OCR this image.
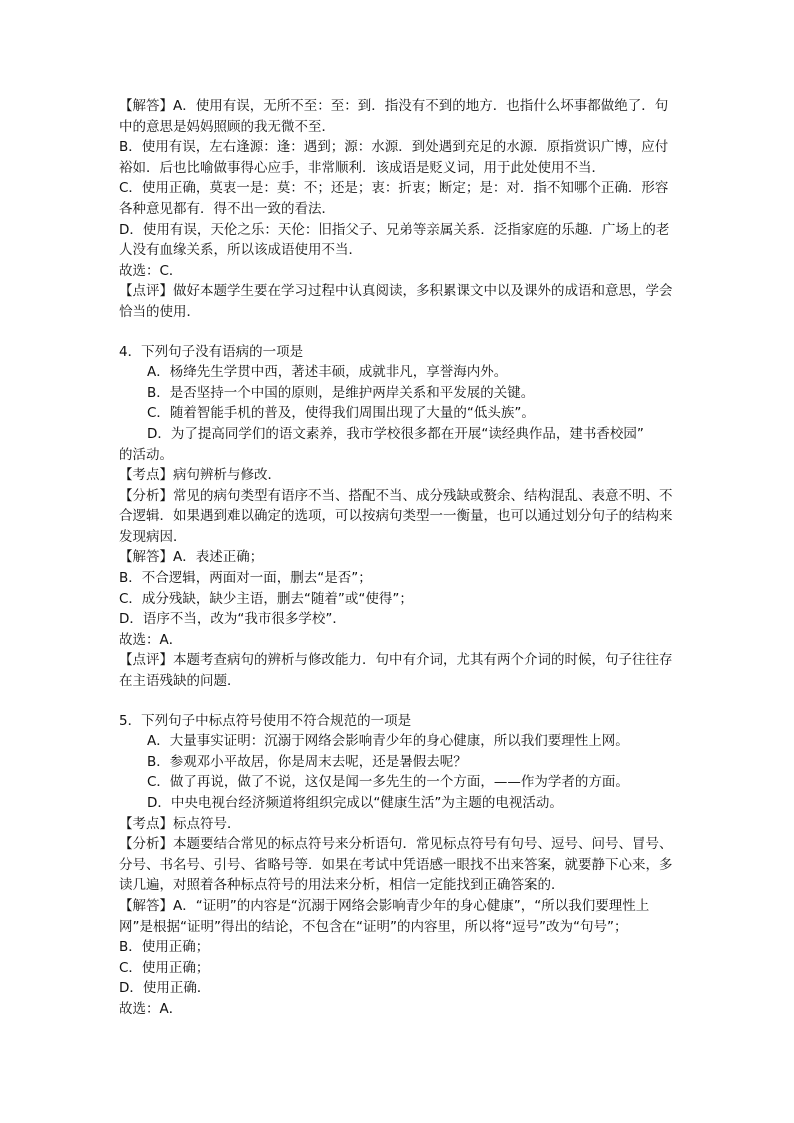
【解答】A．使用有误，无所不至：至：到．指没有不到的地方．也指什么坏事都做绝了．句中的意思是妈妈照顾的我无微不至．
B．使用有误，左右逢源：逢：遇到；源：水源．到处遇到充足的水源．原指赏识广博，应付裕如．后也比喻做事得心应手，非常顺利．该成语是贬义词，用于此处使用不当．
C．使用正确，莫衷一是：莫：不；还是；衷：折衷；断定；是：对．指不知哪个正确．形容各种意见都有．得不出一致的看法．
D．使用有误，天伦之乐：天伦：旧指父子、兄弟等亲属关系．泛指家庭的乐趣．广场上的老人没有血缘关系，所以该成语使用不当．
故选：C．
【点评】做好本题学生要在学习过程中认真阅读，多积累课文中以及课外的成语和意思，学会恰当的使用．
4．下列句子没有语病的一项是
A．杨绛先生学贯中西，著述丰硕，成就非凡，享誉海内外。
B．是否坚持一个中国的原则，是维护两岸关系和平发展的关键。
C．随着智能手机的普及，使得我们周围出现了大量的“低头族”。
D．为了提高同学们的语文素养，我市学校很多都在开展“读经典作品，建书香校园”
的活动。
【考点】病句辨析与修改．
【分析】常见的病句类型有语序不当、搭配不当、成分残缺或赘余、结构混乱、表意不明、不合逻辑．如果遇到难以确定的选项，可以按病句类型一一衡量，也可以通过划分句子的结构来发现病因．
【解答】A．表述正确；
B．不合逻辑，两面对一面，删去“是否”；
C．成分残缺，缺少主语，删去“随着”或“使得”；
D．语序不当，改为“我市很多学校”．
故选：A．
【点评】本题考查病句的辨析与修改能力．句中有介词，尤其有两个介词的时候，句子往往存在主语残缺的问题．
5．下列句子中标点符号使用不符合规范的一项是
A．大量事实证明：沉溺于网络会影响青少年的身心健康，所以我们要理性上网。
B．参观邓小平故居，你是周末去呢，还是暑假去呢？
C．做了再说，做了不说，这仅是闻一多先生的一个方面，——作为学者的方面。
D．中央电视台经济频道将组织完成以“健康生活”为主题的电视活动。
【考点】标点符号．
【分析】本题要结合常见的标点符号来分析语句．常见标点符号有句号、逗号、问号、冒号、分号、书名号、引号、省略号等．如果在考试中凭语感一眼找不出来答案，就要静下心来，多读几遍，对照着各种标点符号的用法来分析，相信一定能找到正确答案的．
【解答】A．“证明”的内容是“沉溺于网络会影响青少年的身心健康”，“所以我们要理性上网”是根据“证明”得出的结论，不包含在“证明”的内容里，所以将“逗号”改为“句号”；
B．使用正确；
C．使用正确；
D．使用正确．
故选：A．
